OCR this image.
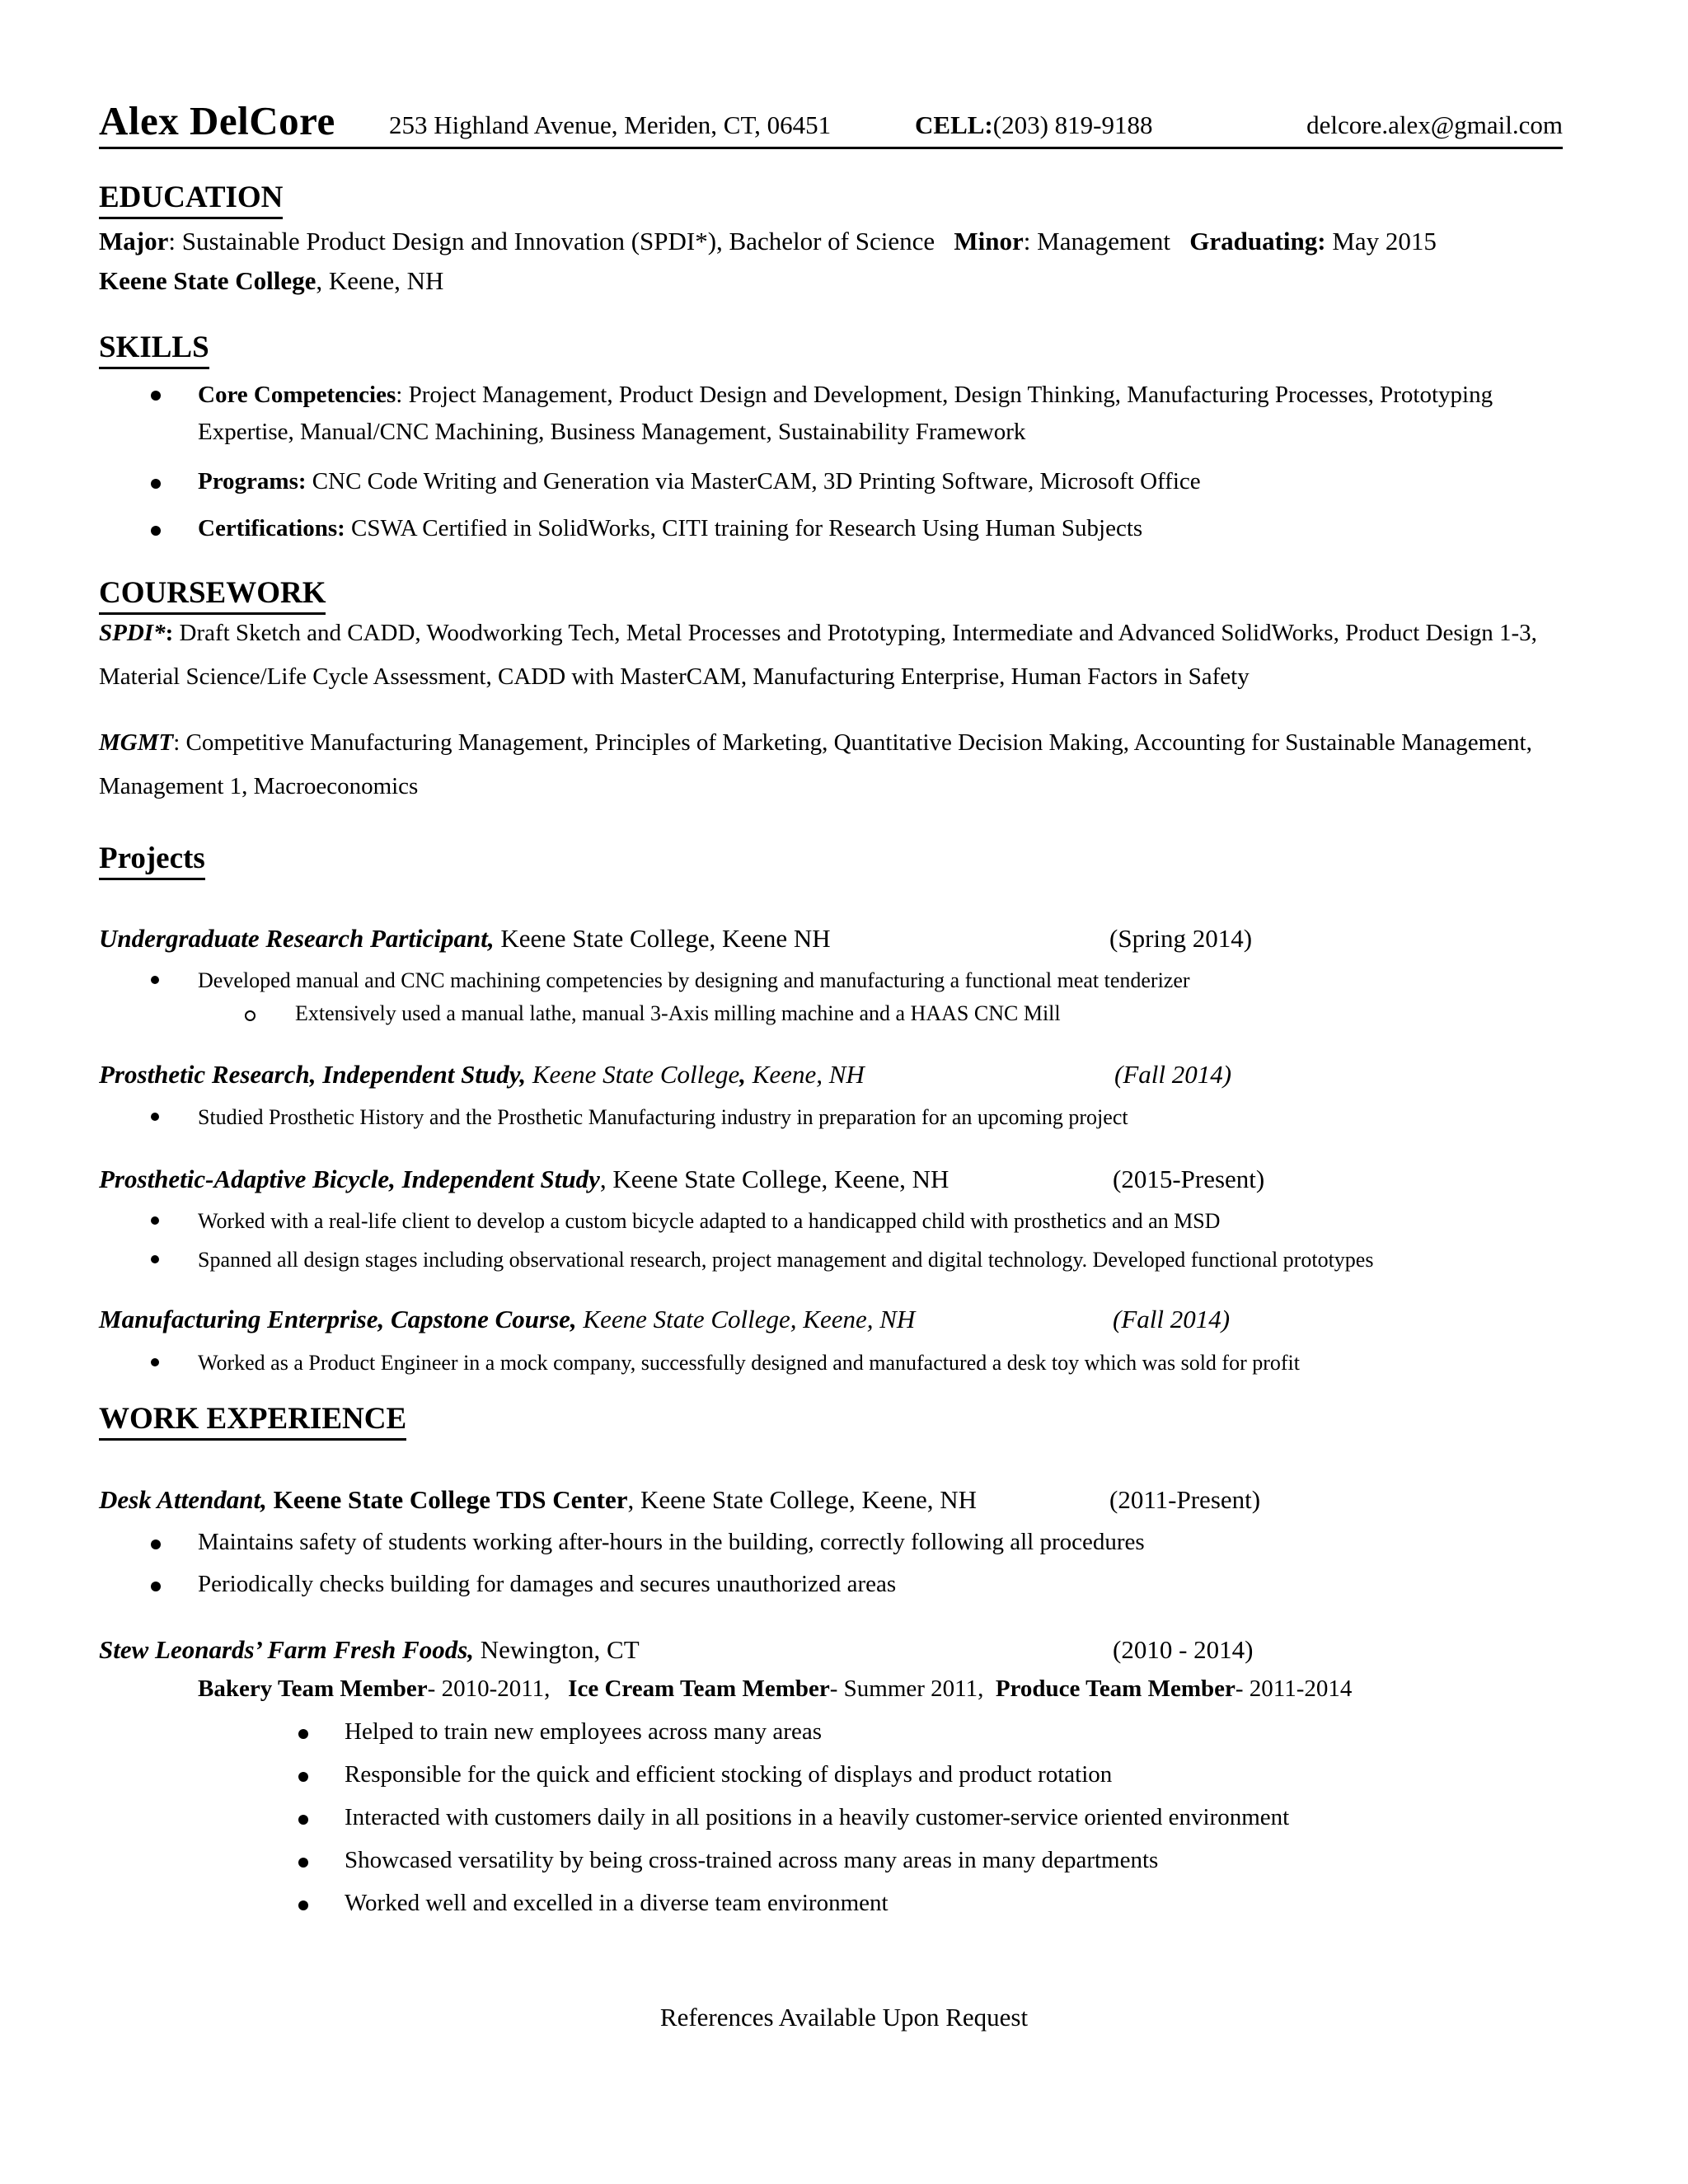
Alex DelCore 253 Highland Avenue, Meriden, CT, 06451	CELL:(203) 819-9188	delcore.alex@gmail.com
EDUCATION
Major: Sustainable Product Design and Innovation (SPDI*), Bachelor of Science Minor: Management Graduating: May 2015
Keene State College, Keene, NH
SKILLS
Core Competencies: Project Management, Product Design and Development, Design Thinking, Manufacturing Processes, Prototyping
Expertise, Manual/CNC Machining, Business Management, Sustainability Framework
Programs: CNC Code Writing and Generation via MasterCAM, 3D Printing Software, Microsoft Office
Certifications: CSWA Certified in SolidWorks, CITI training for Research Using Human Subjects
COURSEWORK
SPDI*: Draft Sketch and CADD, Woodworking Tech, Metal Processes and Prototyping, Intermediate and Advanced SolidWorks, Product Design 1-3,
Material Science/Life Cycle Assessment, CADD with MasterCAM, Manufacturing Enterprise, Human Factors in Safety
MGMT: Competitive Manufacturing Management, Principles of Marketing, Quantitative Decision Making, Accounting for Sustainable Management,
Management 1, Macroeconomics
Projects
Undergraduate Research Participant, Keene State College, Keene NH	(Spring 2014)
Developed manual and CNC machining competencies by designing and manufacturing a functional meat tenderizer
Extensively used a manual lathe, manual 3-Axis milling machine and a HAAS CNC Mill
Prosthetic Research, Independent Study, Keene State College, Keene, NH	(Fall 2014)
Studied Prosthetic History and the Prosthetic Manufacturing industry in preparation for an upcoming project
Prosthetic-Adaptive Bicycle, Independent Study, Keene State College, Keene, NH	(2015-Present)
Worked with a real-life client to develop a custom bicycle adapted to a handicapped child with prosthetics and an MSD
Spanned all design stages including observational research, project management and digital technology. Developed functional prototypes
Manufacturing Enterprise, Capstone Course, Keene State College, Keene, NH	(Fall 2014)
Worked as a Product Engineer in a mock company, successfully designed and manufactured a desk toy which was sold for profit
WORK EXPERIENCE
Desk Attendant, Keene State College TDS Center, Keene State College, Keene, NH	(2011-Present)
Maintains safety of students working after-hours in the building, correctly following all procedures
Periodically checks building for damages and secures unauthorized areas
Stew Leonards’ Farm Fresh Foods, Newington, CT	(2010 - 2014)
Bakery Team Member- 2010-2011, Ice Cream Team Member- Summer 2011, Produce Team Member- 2011-2014
Helped to train new employees across many areas
Responsible for the quick and efficient stocking of displays and product rotation
Interacted with customers daily in all positions in a heavily customer-service oriented environment
Showcased versatility by being cross-trained across many areas in many departments
Worked well and excelled in a diverse team environment
References Available Upon Request
